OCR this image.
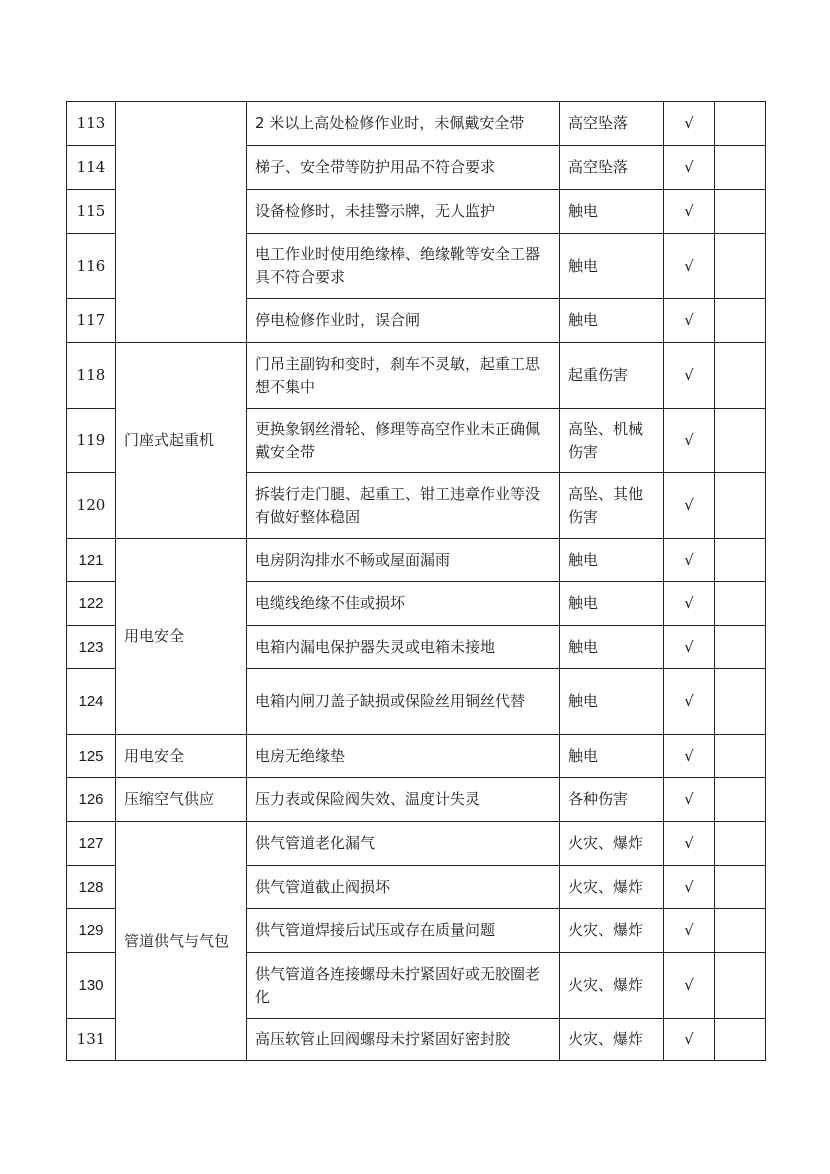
113		2 米以上高处检修作业时，未佩戴安全带	高空坠落	√	
114		梯子、安全带等防护用品不符合要求	高空坠落	√	
115		设备检修时，未挂警示牌，无人监护	触电	√	
116		电工作业时使用绝缘棒、绝缘靴等安全工器具不符合要求	触电	√	
117		停电检修作业时，误合闸	触电	√	
118	门座式起重机	门吊主副钩和变时，刹车不灵敏，起重工思想不集中	起重伤害	√	
119		更换象钢丝滑轮、修理等高空作业未正确佩戴安全带	高坠、机械伤害	√	
120		拆装行走门腿、起重工、钳工违章作业等没有做好整体稳固	高坠、其他伤害	√	
121	用电安全	电房阴沟排水不畅或屋面漏雨	触电	√	
122		电缆线绝缘不佳或损坏	触电	√	
123		电箱内漏电保护器失灵或电箱未接地	触电	√	
124		电箱内闸刀盖子缺损或保险丝用铜丝代替	触电	√	
125	用电安全	电房无绝缘垫	触电	√	
126	压缩空气供应	压力表或保险阀失效、温度计失灵	各种伤害	√	
127	管道供气与气包	供气管道老化漏气	火灾、爆炸	√	
128		供气管道截止阀损坏	火灾、爆炸	√	
129		供气管道焊接后试压或存在质量问题	火灾、爆炸	√	
130		供气管道各连接螺母未拧紧固好或无胶圈老化	火灾、爆炸	√	
131		高压软管止回阀螺母未拧紧固好密封胶	火灾、爆炸	√	
